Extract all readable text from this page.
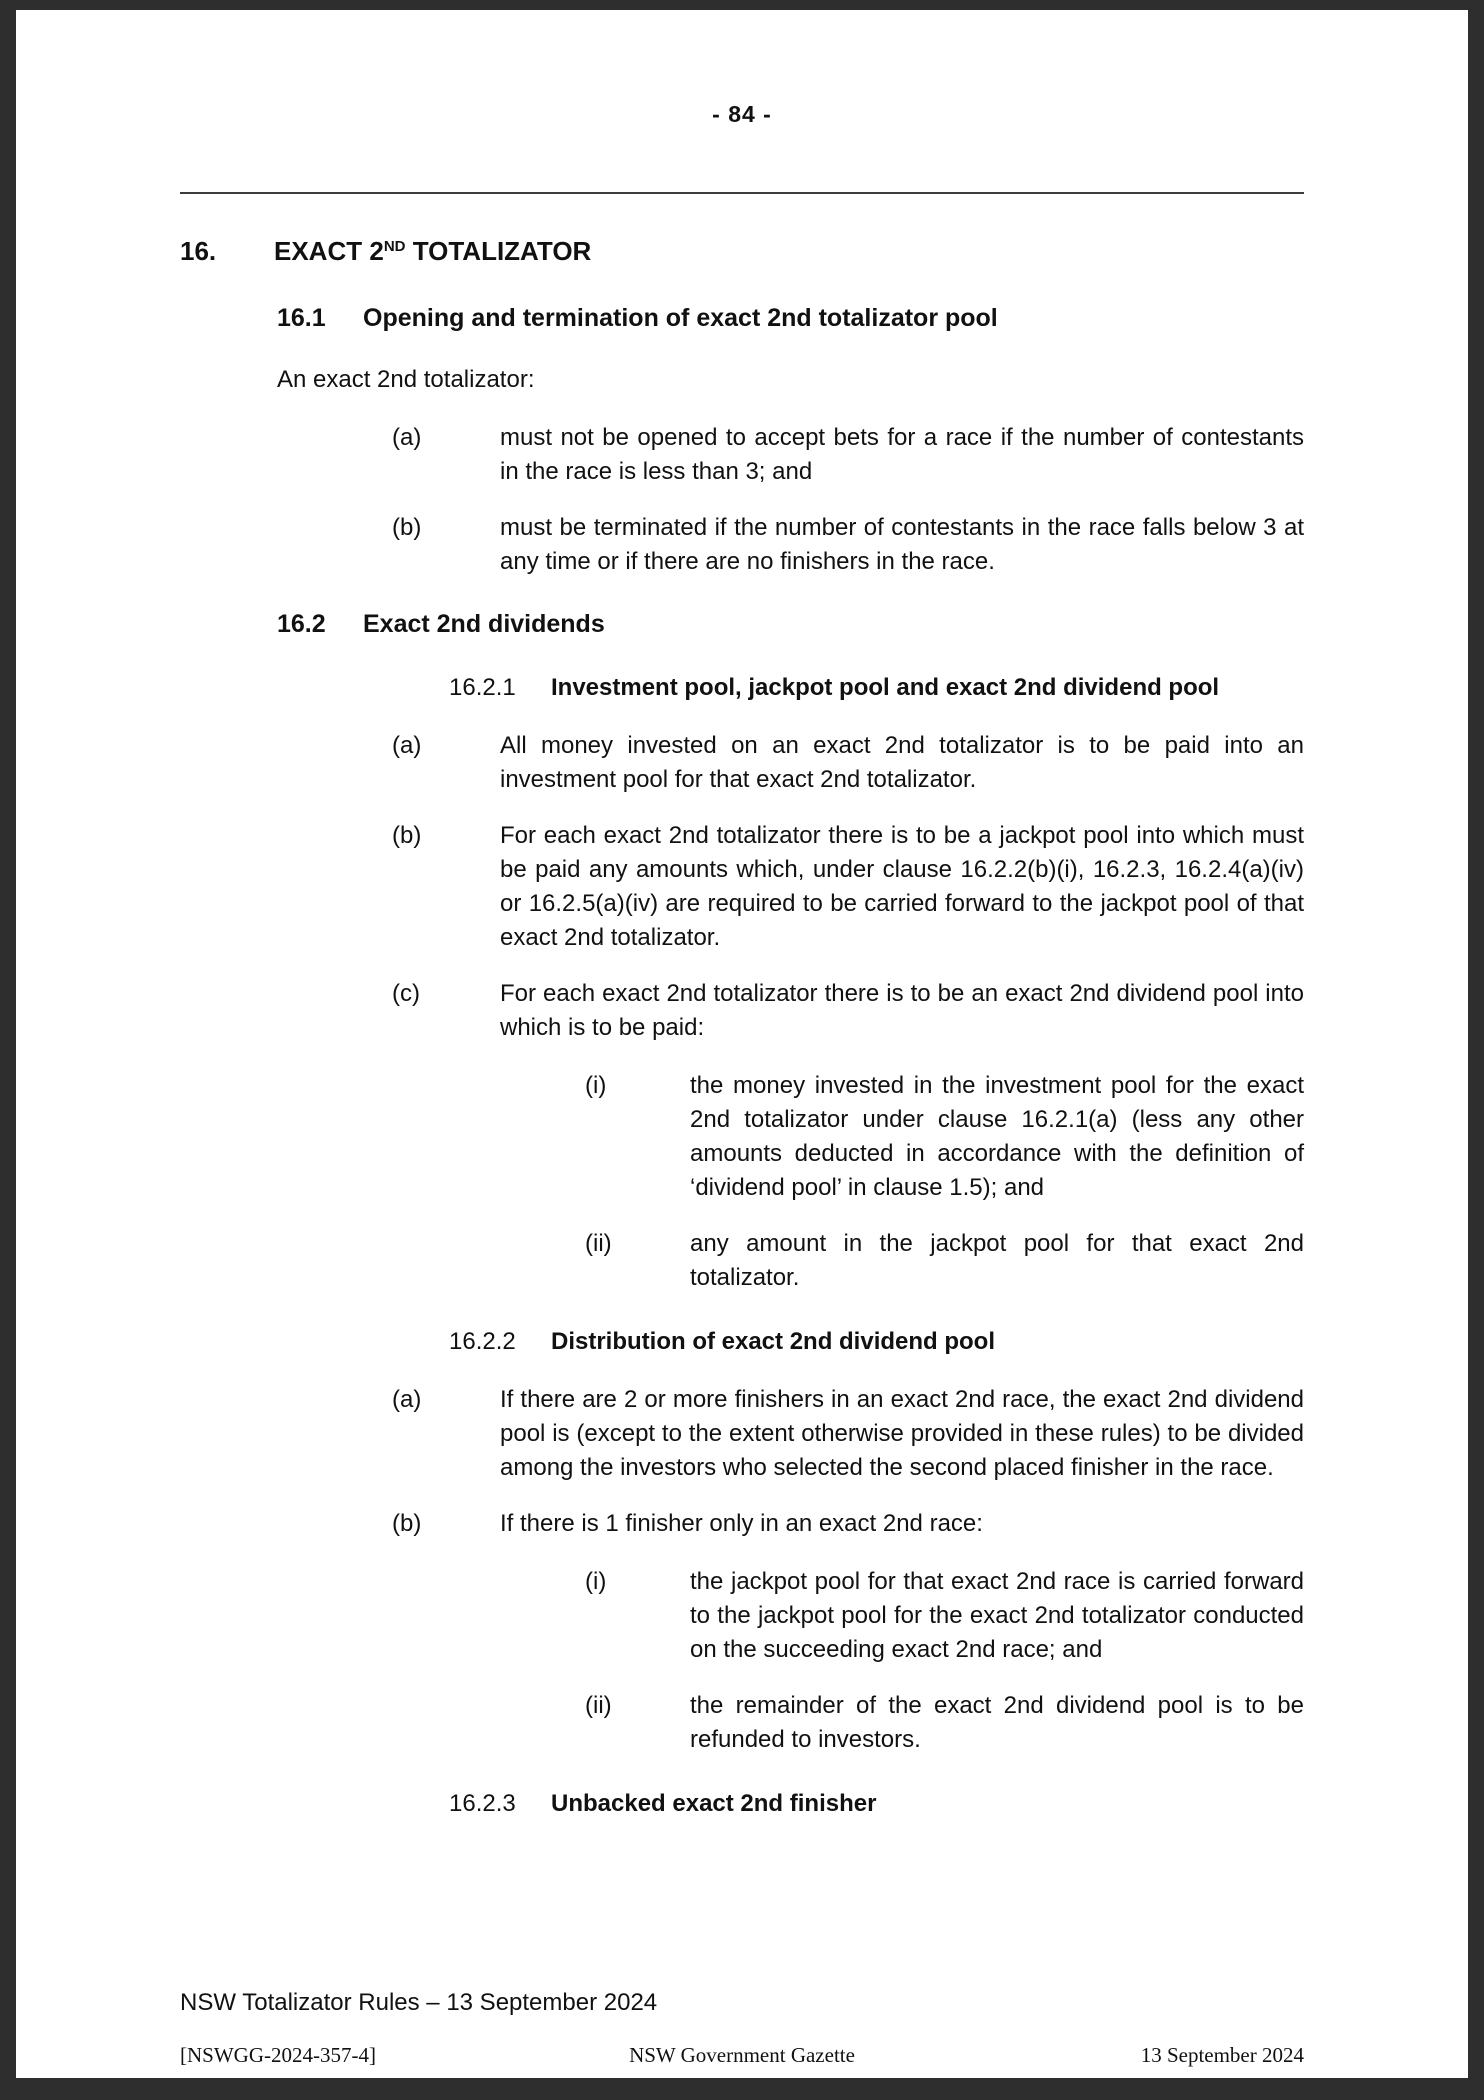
- 84 -
16.	EXACT 2ND TOTALIZATOR
16.1	Opening and termination of exact 2nd totalizator pool
An exact 2nd totalizator:
(a)	must not be opened to accept bets for a race if the number of contestants in the race is less than 3; and
(b)	must be terminated if the number of contestants in the race falls below 3 at any time or if there are no finishers in the race.
16.2	Exact 2nd dividends
16.2.1	Investment pool, jackpot pool and exact 2nd dividend pool
(a)	All money invested on an exact 2nd totalizator is to be paid into an investment pool for that exact 2nd totalizator.
(b)	For each exact 2nd totalizator there is to be a jackpot pool into which must be paid any amounts which, under clause 16.2.2(b)(i), 16.2.3, 16.2.4(a)(iv) or 16.2.5(a)(iv) are required to be carried forward to the jackpot pool of that exact 2nd totalizator.
(c)	For each exact 2nd totalizator there is to be an exact 2nd dividend pool into which is to be paid:
(i)	the money invested in the investment pool for the exact 2nd totalizator under clause 16.2.1(a) (less any other amounts deducted in accordance with the definition of ‘dividend pool’ in clause 1.5); and
(ii)	any amount in the jackpot pool for that exact 2nd totalizator.
16.2.2	Distribution of exact 2nd dividend pool
(a)	If there are 2 or more finishers in an exact 2nd race, the exact 2nd dividend pool is (except to the extent otherwise provided in these rules) to be divided among the investors who selected the second placed finisher in the race.
(b)	If there is 1 finisher only in an exact 2nd race:
(i)	the jackpot pool for that exact 2nd race is carried forward to the jackpot pool for the exact 2nd totalizator conducted on the succeeding exact 2nd race; and
(ii)	the remainder of the exact 2nd dividend pool is to be refunded to investors.
16.2.3	Unbacked exact 2nd finisher
NSW Totalizator Rules – 13 September 2024
[NSWGG-2024-357-4]	NSW Government Gazette	13 September 2024
